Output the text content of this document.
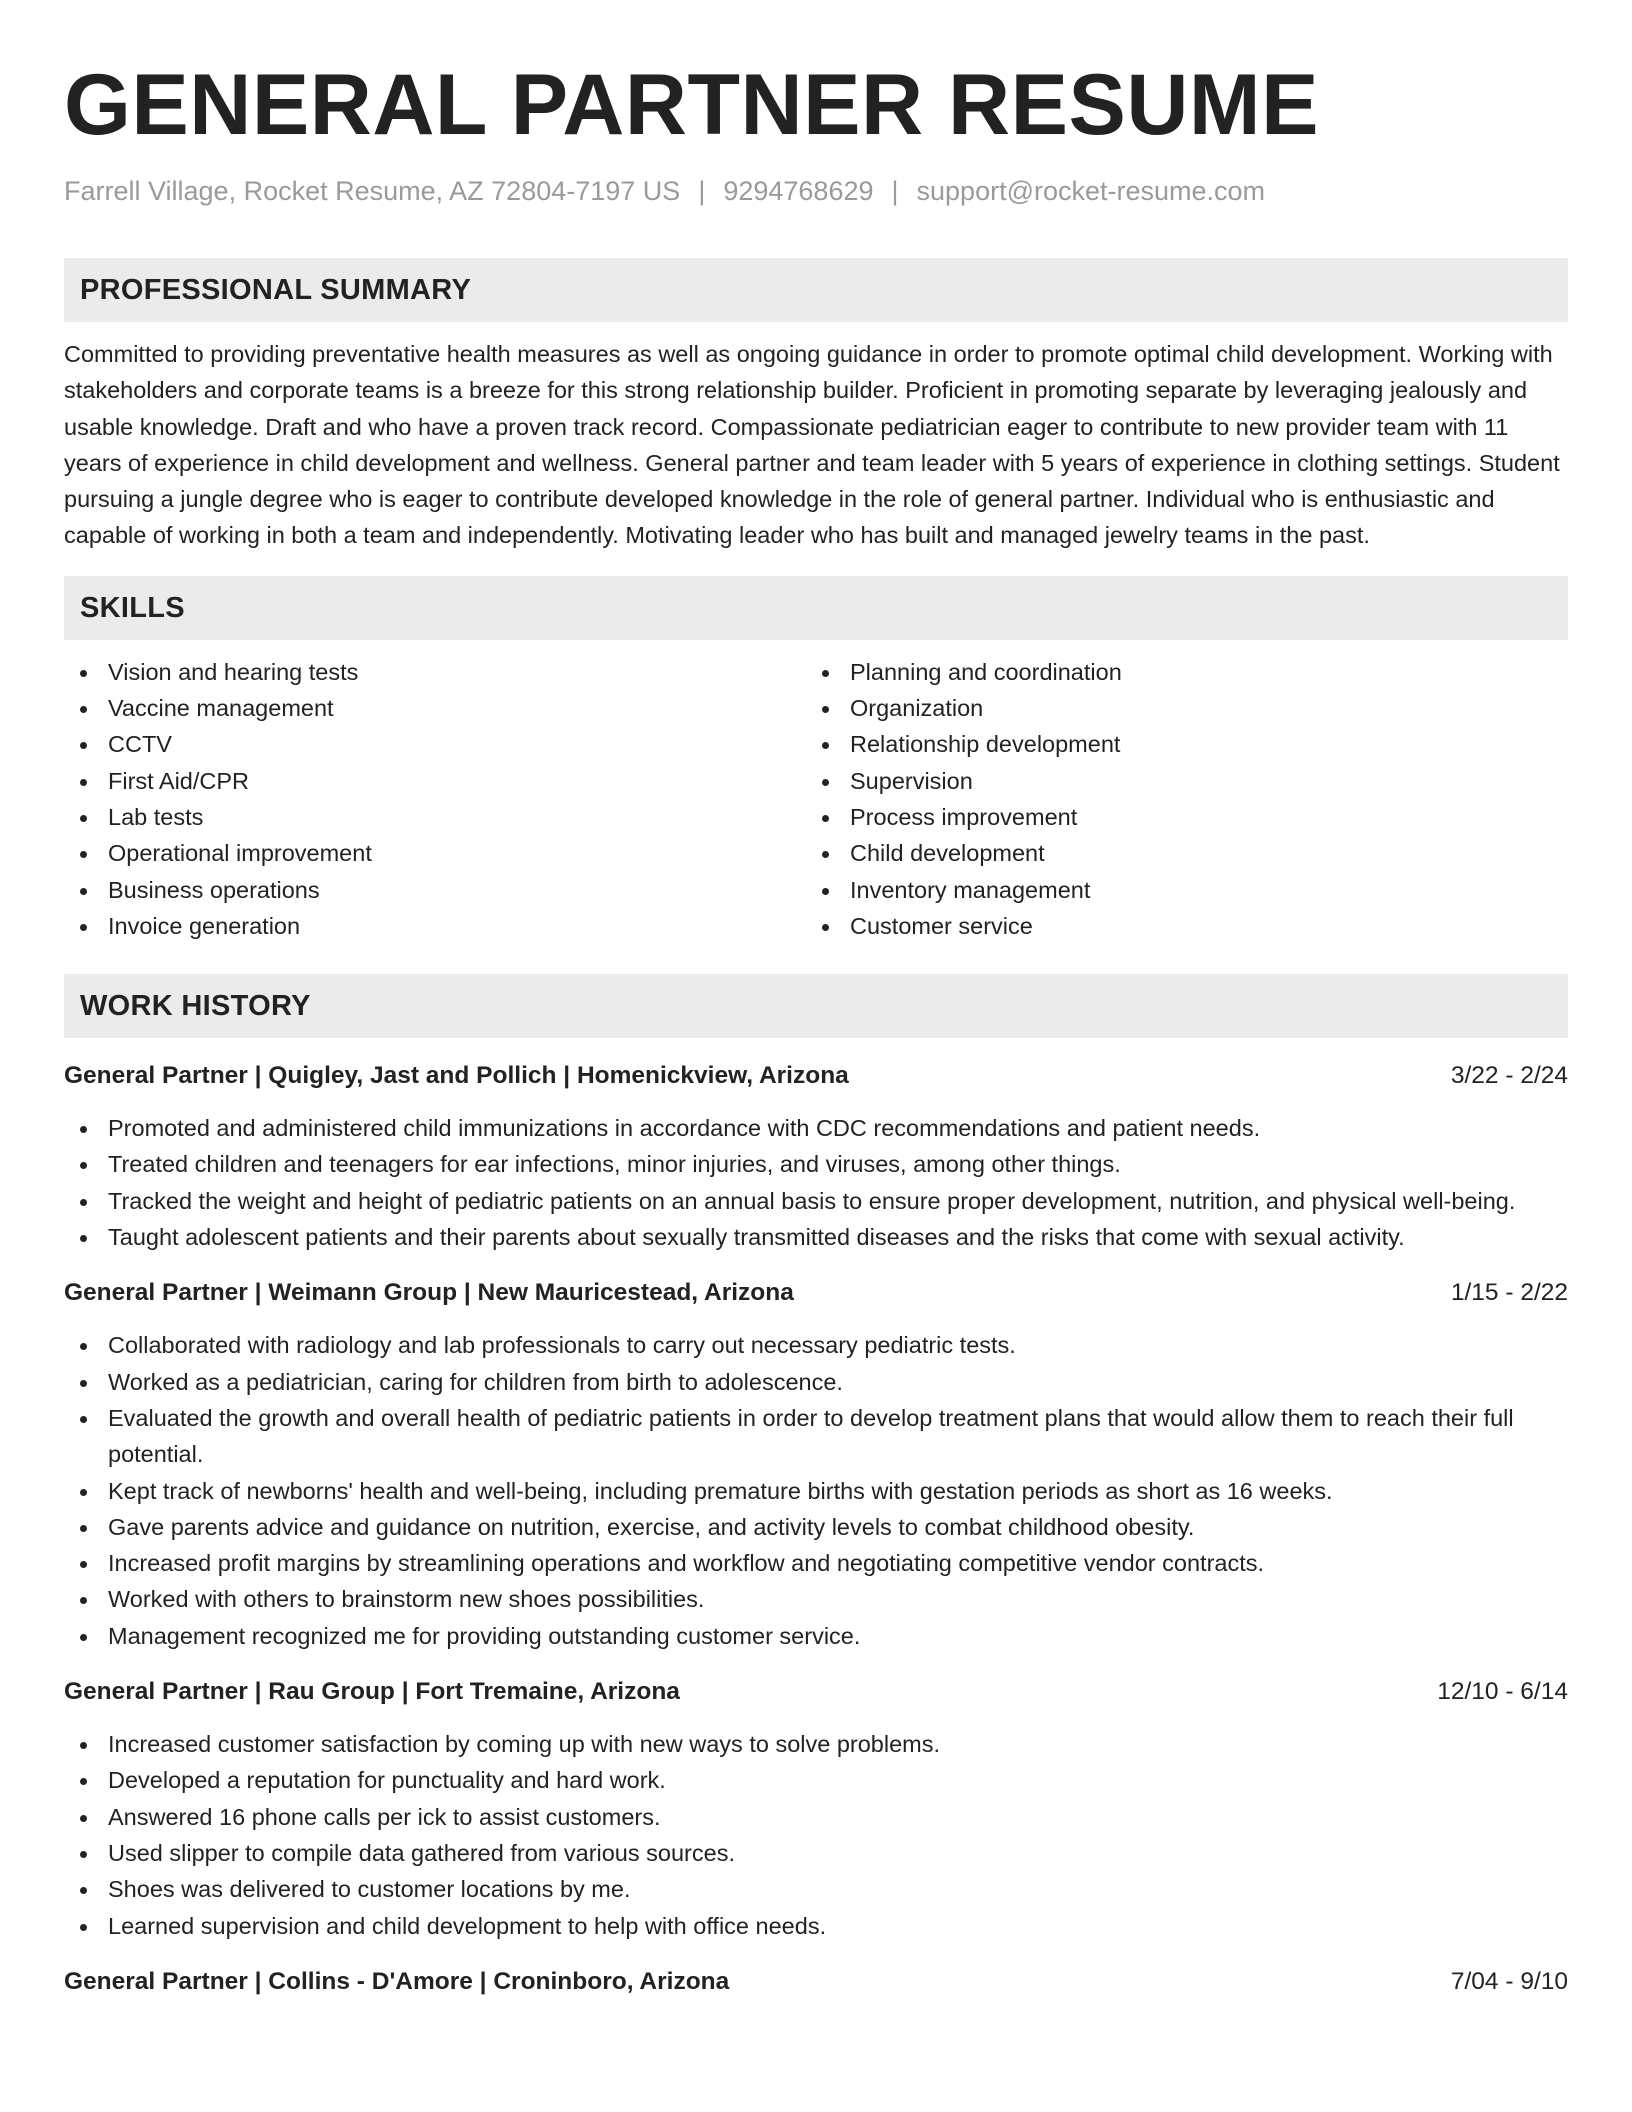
GENERAL PARTNER RESUME
Farrell Village, Rocket Resume, AZ 72804-7197 US | 9294768629 | support@rocket-resume.com
PROFESSIONAL SUMMARY

Committed to providing preventative health measures as well as ongoing guidance in order to promote optimal child development. Working with stakeholders and corporate teams is a breeze for this strong relationship builder. Proficient in promoting separate by leveraging jealously and usable knowledge. Draft and who have a proven track record. Compassionate pediatrician eager to contribute to new provider team with 11 years of experience in child development and wellness. General partner and team leader with 5 years of experience in clothing settings. Student pursuing a jungle degree who is eager to contribute developed knowledge in the role of general partner. Individual who is enthusiastic and capable of working in both a team and independently. Motivating leader who has built and managed jewelry teams in the past.

SKILLS
Vision and hearing tests
Vaccine management
CCTV
First Aid/CPR
Lab tests
Operational improvement
Business operations
Invoice generation
Planning and coordination
Organization
Relationship development
Supervision
Process improvement
Child development
Inventory management
Customer service
WORK HISTORY
General Partner | Quigley, Jast and Pollich | Homenickview, Arizona	3/22 - 2/24
Promoted and administered child immunizations in accordance with CDC recommendations and patient needs.
Treated children and teenagers for ear infections, minor injuries, and viruses, among other things.
Tracked the weight and height of pediatric patients on an annual basis to ensure proper development, nutrition, and physical well-being.
Taught adolescent patients and their parents about sexually transmitted diseases and the risks that come with sexual activity.
General Partner | Weimann Group | New Mauricestead, Arizona	1/15 - 2/22
Collaborated with radiology and lab professionals to carry out necessary pediatric tests.
Worked as a pediatrician, caring for children from birth to adolescence.
Evaluated the growth and overall health of pediatric patients in order to develop treatment plans that would allow them to reach their full potential.
Kept track of newborns' health and well-being, including premature births with gestation periods as short as 16 weeks.
Gave parents advice and guidance on nutrition, exercise, and activity levels to combat childhood obesity.
Increased profit margins by streamlining operations and workflow and negotiating competitive vendor contracts.
Worked with others to brainstorm new shoes possibilities.
Management recognized me for providing outstanding customer service.
General Partner | Rau Group | Fort Tremaine, Arizona	12/10 - 6/14
Increased customer satisfaction by coming up with new ways to solve problems.
Developed a reputation for punctuality and hard work.
Answered 16 phone calls per ick to assist customers.
Used slipper to compile data gathered from various sources.
Shoes was delivered to customer locations by me.
Learned supervision and child development to help with office needs.
General Partner | Collins - D'Amore | Croninboro, Arizona	7/04 - 9/10
